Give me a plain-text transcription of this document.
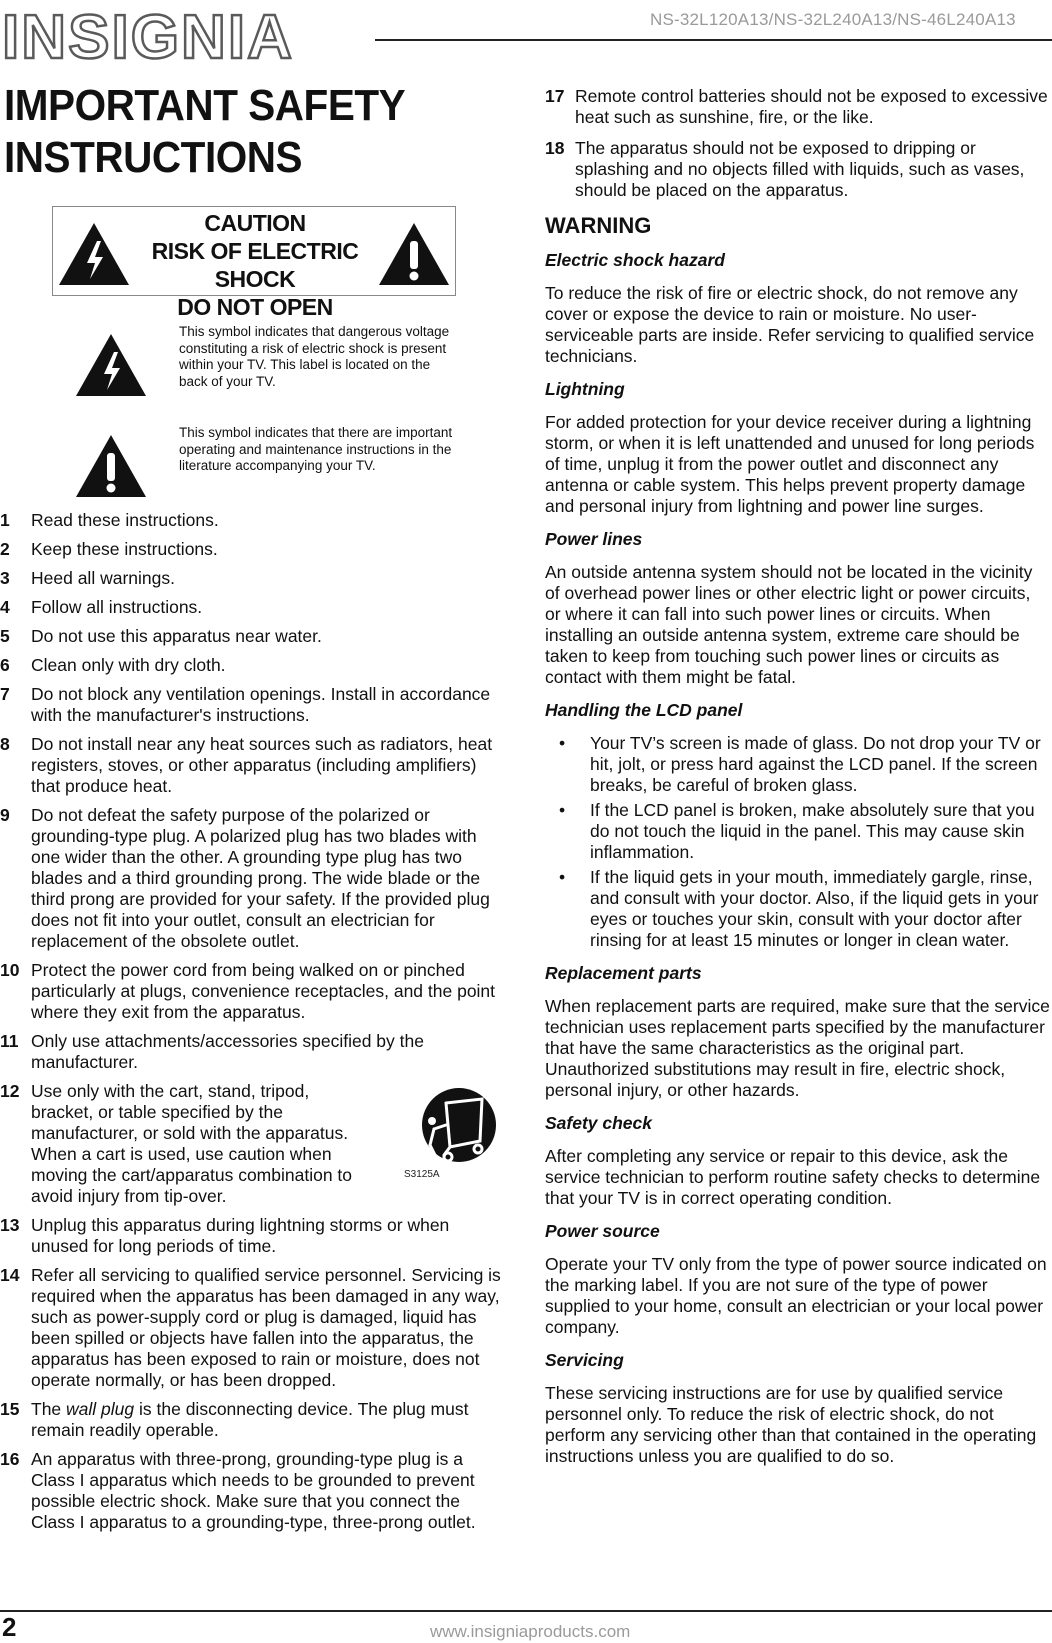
INSIGNIA	NS-32L120A13/NS-32L240A13/NS-46L240A13
IMPORTANT SAFETY INSTRUCTIONS
CAUTION
RISK OF ELECTRIC SHOCK
DO NOT OPEN
This symbol indicates that dangerous voltage constituting a risk of electric shock is present within your TV. This label is located on the back of your TV.
This symbol indicates that there are important operating and maintenance instructions in the literature accompanying your TV.
1 Read these instructions.
2 Keep these instructions.
3 Heed all warnings.
4 Follow all instructions.
5 Do not use this apparatus near water.
6 Clean only with dry cloth.
7 Do not block any ventilation openings. Install in accordance with the manufacturer's instructions.
8 Do not install near any heat sources such as radiators, heat registers, stoves, or other apparatus (including amplifiers) that produce heat.
9 Do not defeat the safety purpose of the polarized or grounding-type plug. A polarized plug has two blades with one wider than the other. A grounding type plug has two blades and a third grounding prong. The wide blade or the third prong are provided for your safety. If the provided plug does not fit into your outlet, consult an electrician for replacement of the obsolete outlet.
10 Protect the power cord from being walked on or pinched particularly at plugs, convenience receptacles, and the point where they exit from the apparatus.
11 Only use attachments/accessories specified by the manufacturer.
12 Use only with the cart, stand, tripod, bracket, or table specified by the manufacturer, or sold with the apparatus. When a cart is used, use caution when moving the cart/apparatus combination to avoid injury from tip-over.
13 Unplug this apparatus during lightning storms or when unused for long periods of time.
14 Refer all servicing to qualified service personnel. Servicing is required when the apparatus has been damaged in any way, such as power-supply cord or plug is damaged, liquid has been spilled or objects have fallen into the apparatus, the apparatus has been exposed to rain or moisture, does not operate normally, or has been dropped.
15 The wall plug is the disconnecting device. The plug must remain readily operable.
16 An apparatus with three-prong, grounding-type plug is a Class I apparatus which needs to be grounded to prevent possible electric shock. Make sure that you connect the Class I apparatus to a grounding-type, three-prong outlet.
S3125A
17 Remote control batteries should not be exposed to excessive heat such as sunshine, fire, or the like.
18 The apparatus should not be exposed to dripping or splashing and no objects filled with liquids, such as vases, should be placed on the apparatus.
WARNING
Electric shock hazard
To reduce the risk of fire or electric shock, do not remove any cover or expose the device to rain or moisture. No user-serviceable parts are inside. Refer servicing to qualified service technicians.
Lightning
For added protection for your device receiver during a lightning storm, or when it is left unattended and unused for long periods of time, unplug it from the power outlet and disconnect any antenna or cable system. This helps prevent property damage and personal injury from lightning and power line surges.
Power lines
An outside antenna system should not be located in the vicinity of overhead power lines or other electric light or power circuits, or where it can fall into such power lines or circuits. When installing an outside antenna system, extreme care should be taken to keep from touching such power lines or circuits as contact with them might be fatal.
Handling the LCD panel
• Your TV’s screen is made of glass. Do not drop your TV or hit, jolt, or press hard against the LCD panel. If the screen breaks, be careful of broken glass.
• If the LCD panel is broken, make absolutely sure that you do not touch the liquid in the panel. This may cause skin inflammation.
• If the liquid gets in your mouth, immediately gargle, rinse, and consult with your doctor. Also, if the liquid gets in your eyes or touches your skin, consult with your doctor after rinsing for at least 15 minutes or longer in clean water.
Replacement parts
When replacement parts are required, make sure that the service technician uses replacement parts specified by the manufacturer that have the same characteristics as the original part. Unauthorized substitutions may result in fire, electric shock, personal injury, or other hazards.
Safety check
After completing any service or repair to this device, ask the service technician to perform routine safety checks to determine that your TV is in correct operating condition.
Power source
Operate your TV only from the type of power source indicated on the marking label. If you are not sure of the type of power supplied to your home, consult an electrician or your local power company.
Servicing
These servicing instructions are for use by qualified service personnel only. To reduce the risk of electric shock, do not perform any servicing other than that contained in the operating instructions unless you are qualified to do so.
2	www.insigniaproducts.com
